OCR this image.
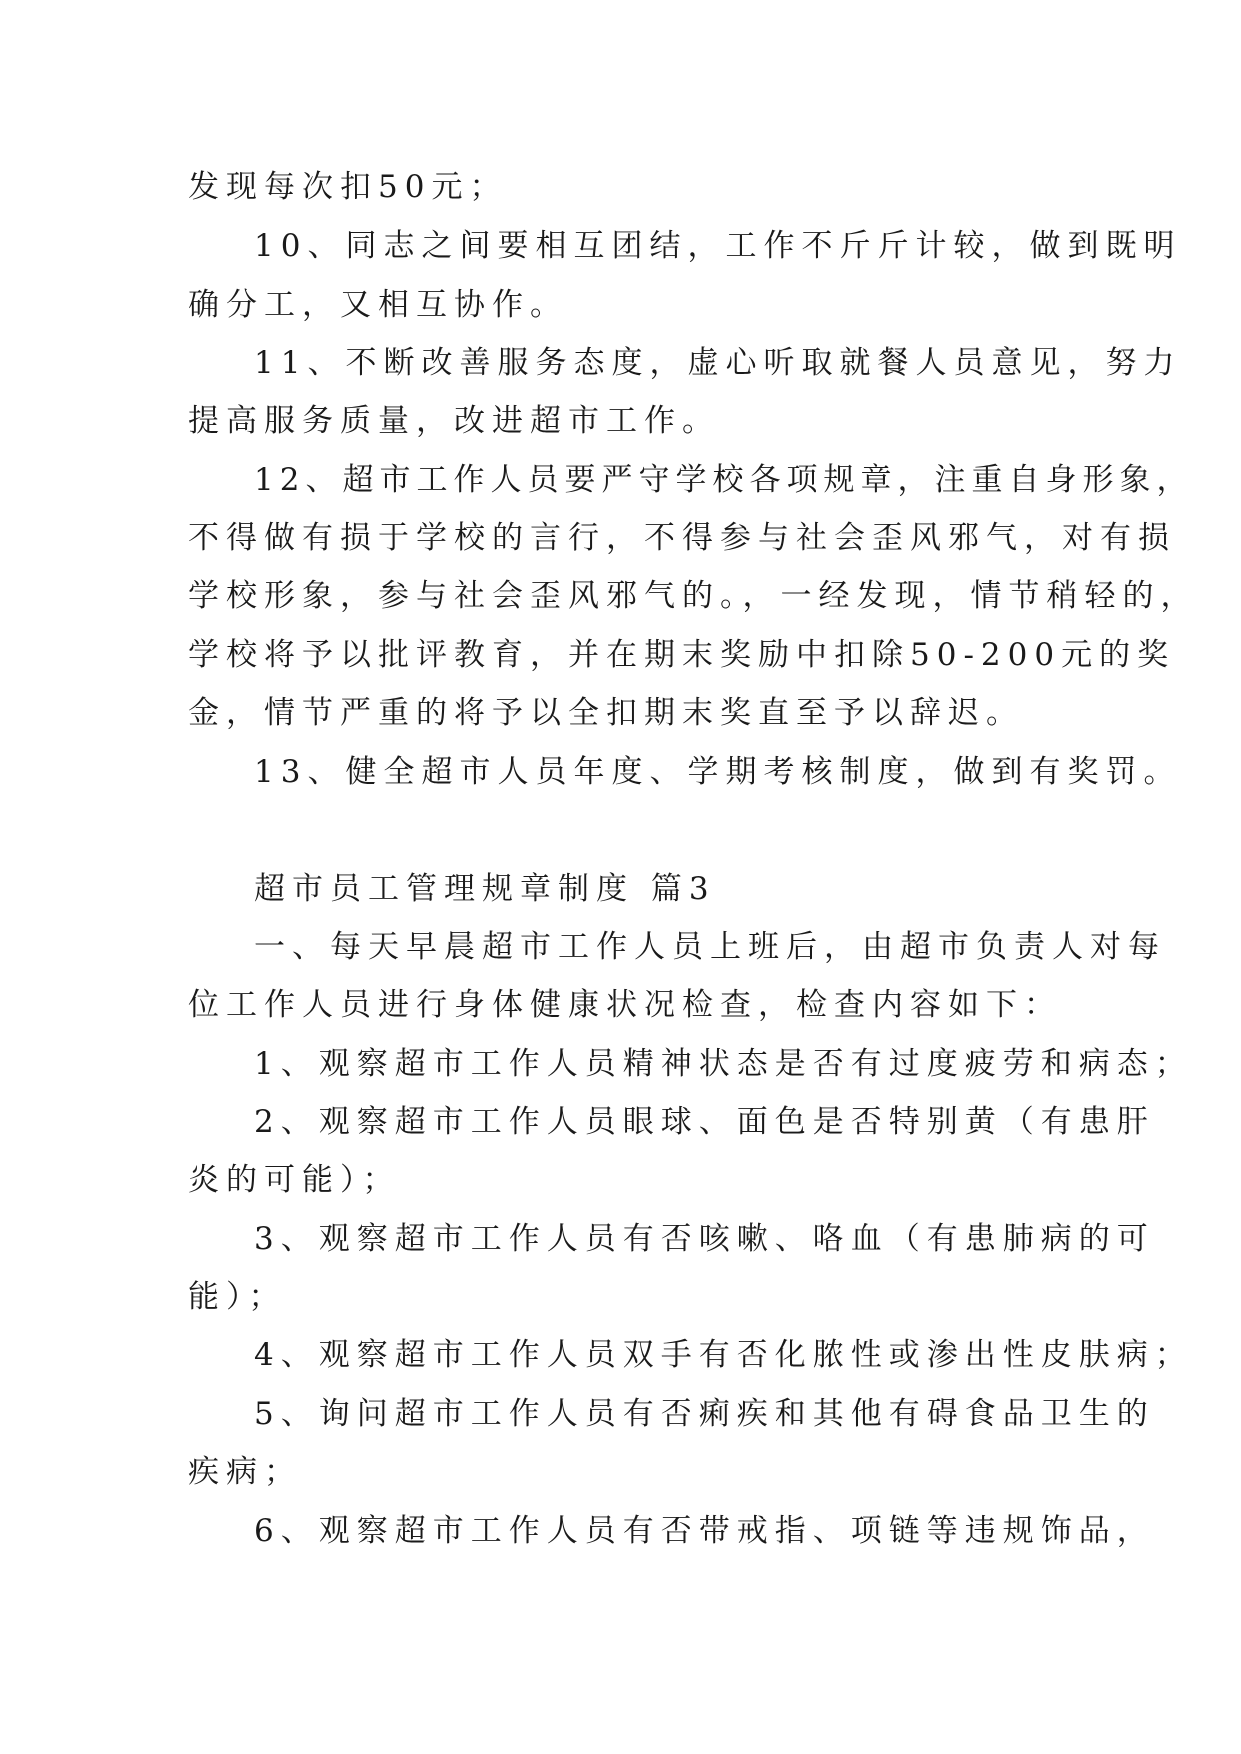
发现每次扣50元；
10、同志之间要相互团结，工作不斤斤计较，做到既明
确分工，又相互协作。
11、不断改善服务态度，虚心听取就餐人员意见，努力
提高服务质量，改进超市工作。
12、超市工作人员要严守学校各项规章，注重自身形象，
不得做有损于学校的言行，不得参与社会歪风邪气，对有损
学校形象，参与社会歪风邪气的。，一经发现，情节稍轻的，
学校将予以批评教育，并在期末奖励中扣除50-200元的奖
金，情节严重的将予以全扣期末奖直至予以辞迟。
13、健全超市人员年度、学期考核制度，做到有奖罚。
超市员工管理规章制度 篇3
一、每天早晨超市工作人员上班后，由超市负责人对每
位工作人员进行身体健康状况检查，检查内容如下：
1、观察超市工作人员精神状态是否有过度疲劳和病态；
2、观察超市工作人员眼球、面色是否特别黄（有患肝
炎的可能）；
3、观察超市工作人员有否咳嗽、咯血（有患肺病的可
能）；
4、观察超市工作人员双手有否化脓性或渗出性皮肤病；
5、询问超市工作人员有否痢疾和其他有碍食品卫生的
疾病；
6、观察超市工作人员有否带戒指、项链等违规饰品，
